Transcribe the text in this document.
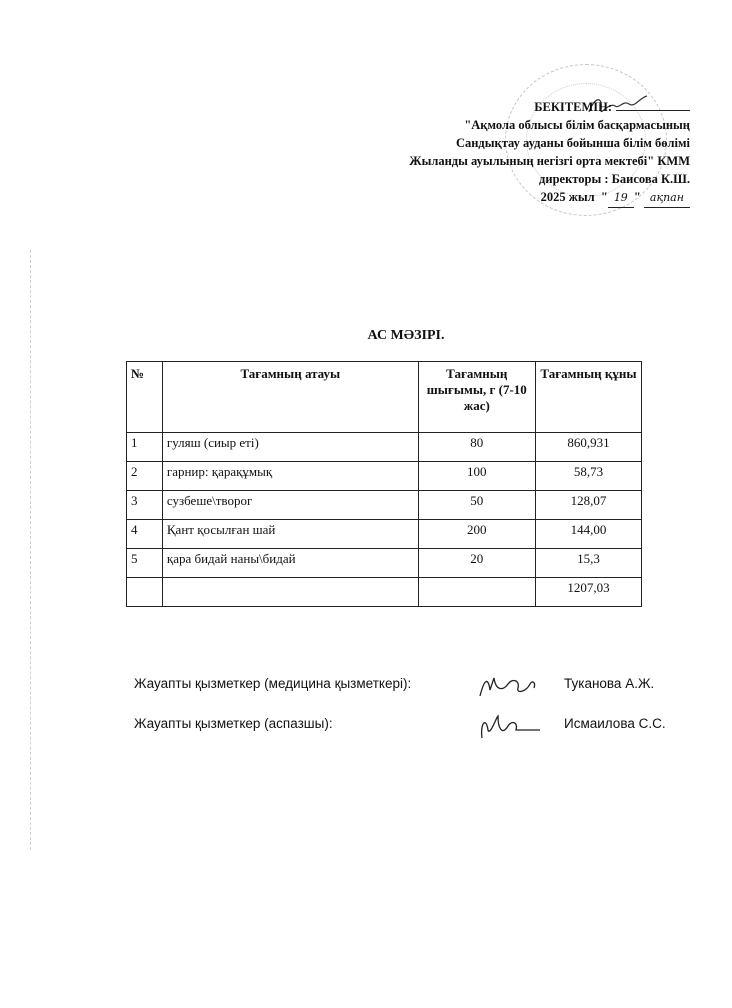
БЕКІТЕМІН:
"Ақмола облысы білім басқармасының
Сандықтау ауданы бойынша білім бөлімі
Жыланды ауылының негізгі орта мектебі" КММ
директоры : Баисова К.Ш.
2025 жыл  " 19 " ақпан
АС МӘЗІРІ.
№	Тағамның атауы	Тағамның шығымы, г (7-10 жас)	Тағамның құны
1	гуляш (сиыр еті)	80	860,931
2	гарнир: қарақұмық	100	58,73
3	сузбеше\творог	50	128,07
4	Қант қосылған шай	200	144,00
5	қара бидай наны\бидай	20	15,3
			1207,03
Жауапты қызметкер (медицина қызметкері):	Туканова А.Ж.
Жауапты қызметкер (аспазшы):	Исмаилова С.С.
